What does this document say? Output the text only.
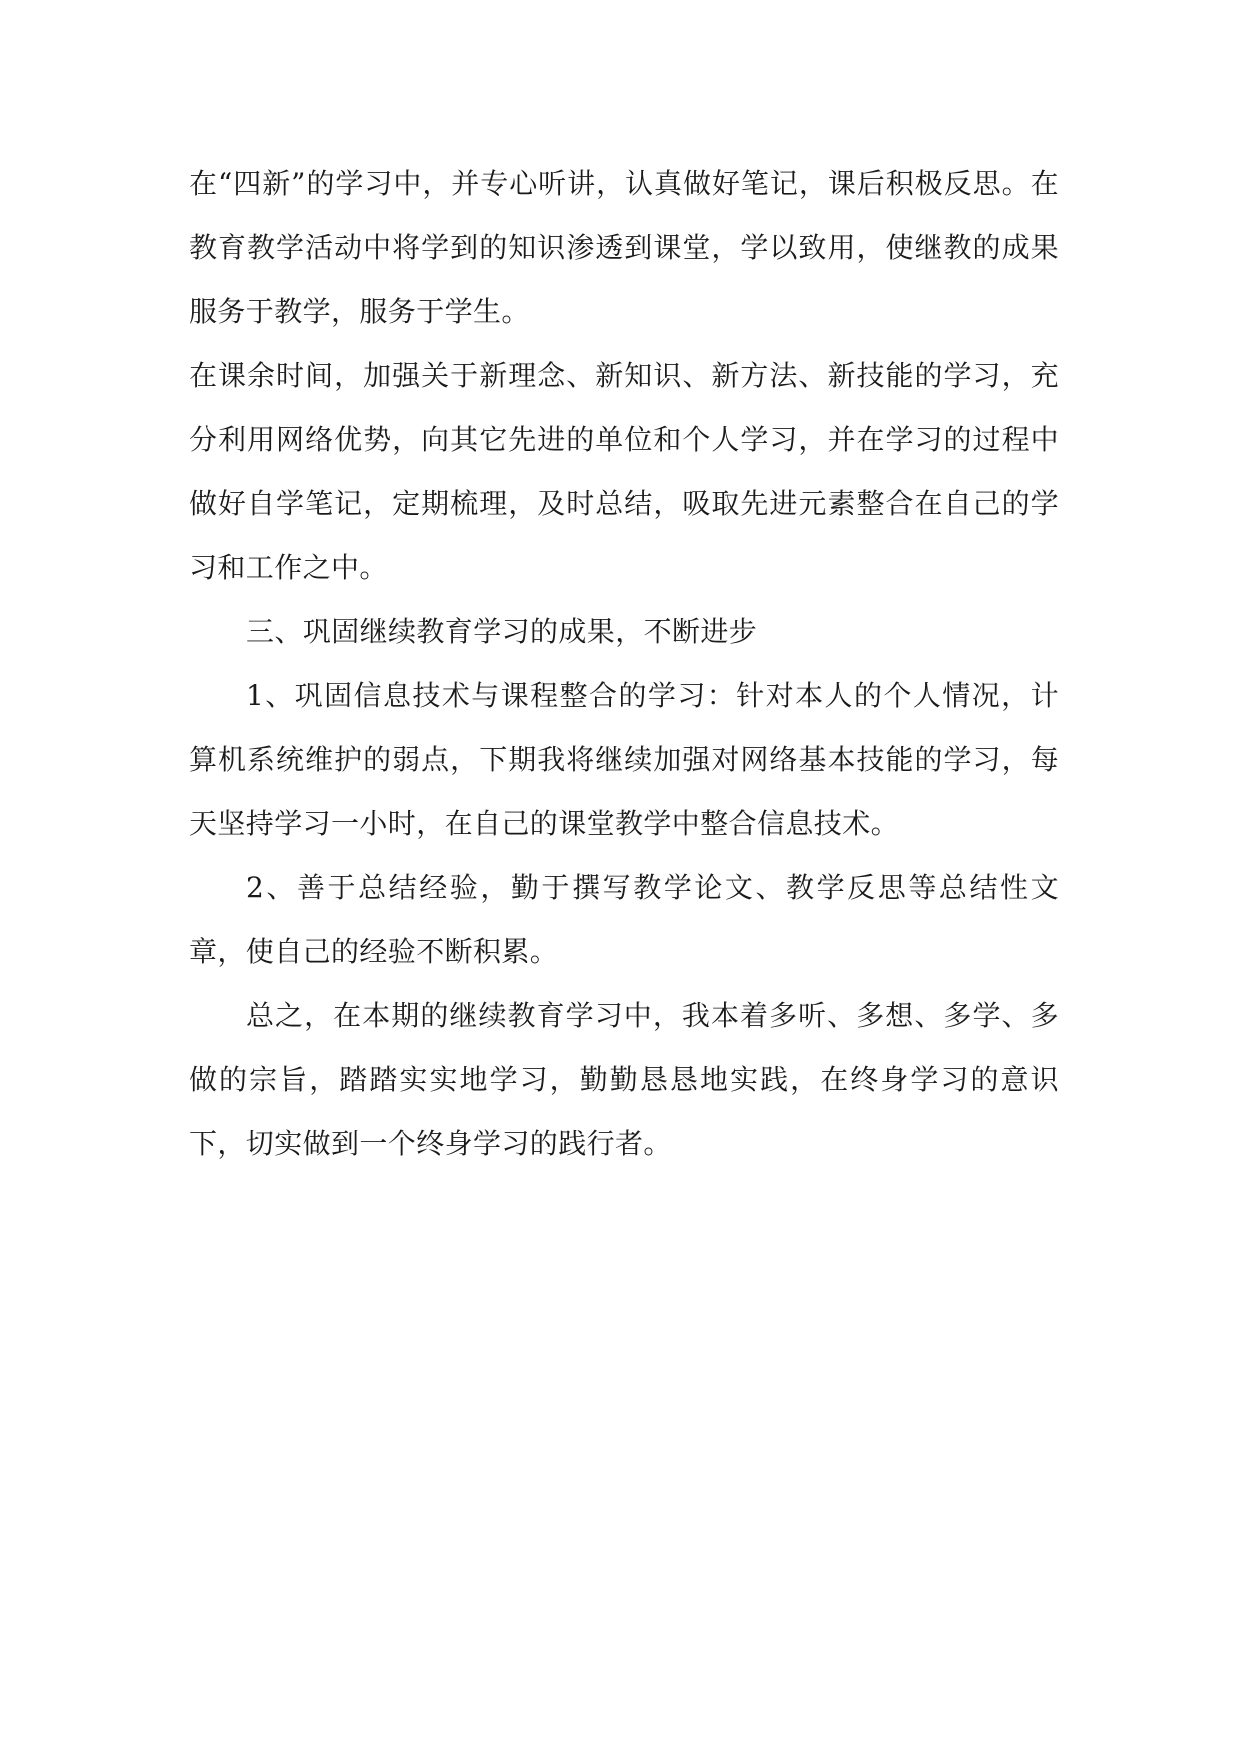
在“四新”的学习中，并专心听讲，认真做好笔记，课后积极反思。在教育教学活动中将学到的知识渗透到课堂，学以致用，使继教的成果服务于教学，服务于学生。

在课余时间，加强关于新理念、新知识、新方法、新技能的学习，充分利用网络优势，向其它先进的单位和个人学习，并在学习的过程中做好自学笔记，定期梳理，及时总结，吸取先进元素整合在自己的学习和工作之中。

三、巩固继续教育学习的成果，不断进步

1、巩固信息技术与课程整合的学习：针对本人的个人情况，计算机系统维护的弱点，下期我将继续加强对网络基本技能的学习，每天坚持学习一小时，在自己的课堂教学中整合信息技术。

2、善于总结经验，勤于撰写教学论文、教学反思等总结性文章，使自己的经验不断积累。

总之，在本期的继续教育学习中，我本着多听、多想、多学、多做的宗旨，踏踏实实地学习，勤勤恳恳地实践，在终身学习的意识下，切实做到一个终身学习的践行者。
